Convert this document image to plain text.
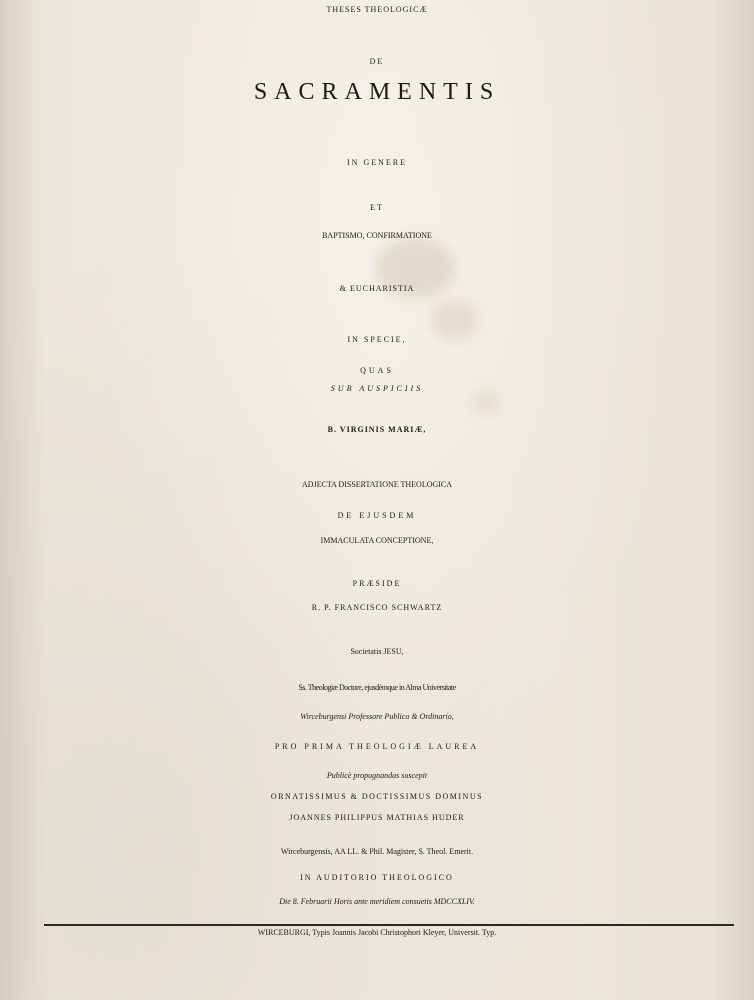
THESES THEOLOGICÆ
DE
SACRAMENTIS
IN GENERE
ET
BAPTISMO, CONFIRMATIONE
& EUCHARISTIA
IN SPECIE,
QUAS
SUB AUSPICIIS
B. VIRGINIS MARIÆ,
ADJECTA DISSERTATIONE THEOLOGICA
DE EJUSDEM
IMMACULATA CONCEPTIONE,
PRÆSIDE
R. P. FRANCISCO SCHWARTZ
Societatis JESU,
Ss. Theologiæ Doctore, ejusdémque in Alma Universitate
Wirceburgensi Professore Publico & Ordinario,
PRO PRIMA THEOLOGIÆ LAUREA
Publicè propugnandas suscepit
ORNATISSIMUS & DOCTISSIMUS DOMINUS
JOANNES PHILIPPUS MATHIAS HUDER
Wirceburgensis, AA LL. & Phil. Magister, S. Theol. Emerit.
IN AUDITORIO THEOLOGICO
Die 8. Februarii Horis ante meridiem consuetis MDCCXLIV.
WIRCEBURGI, Typis Joannis Jacobi Christophori Kleyer, Universit. Typ.
